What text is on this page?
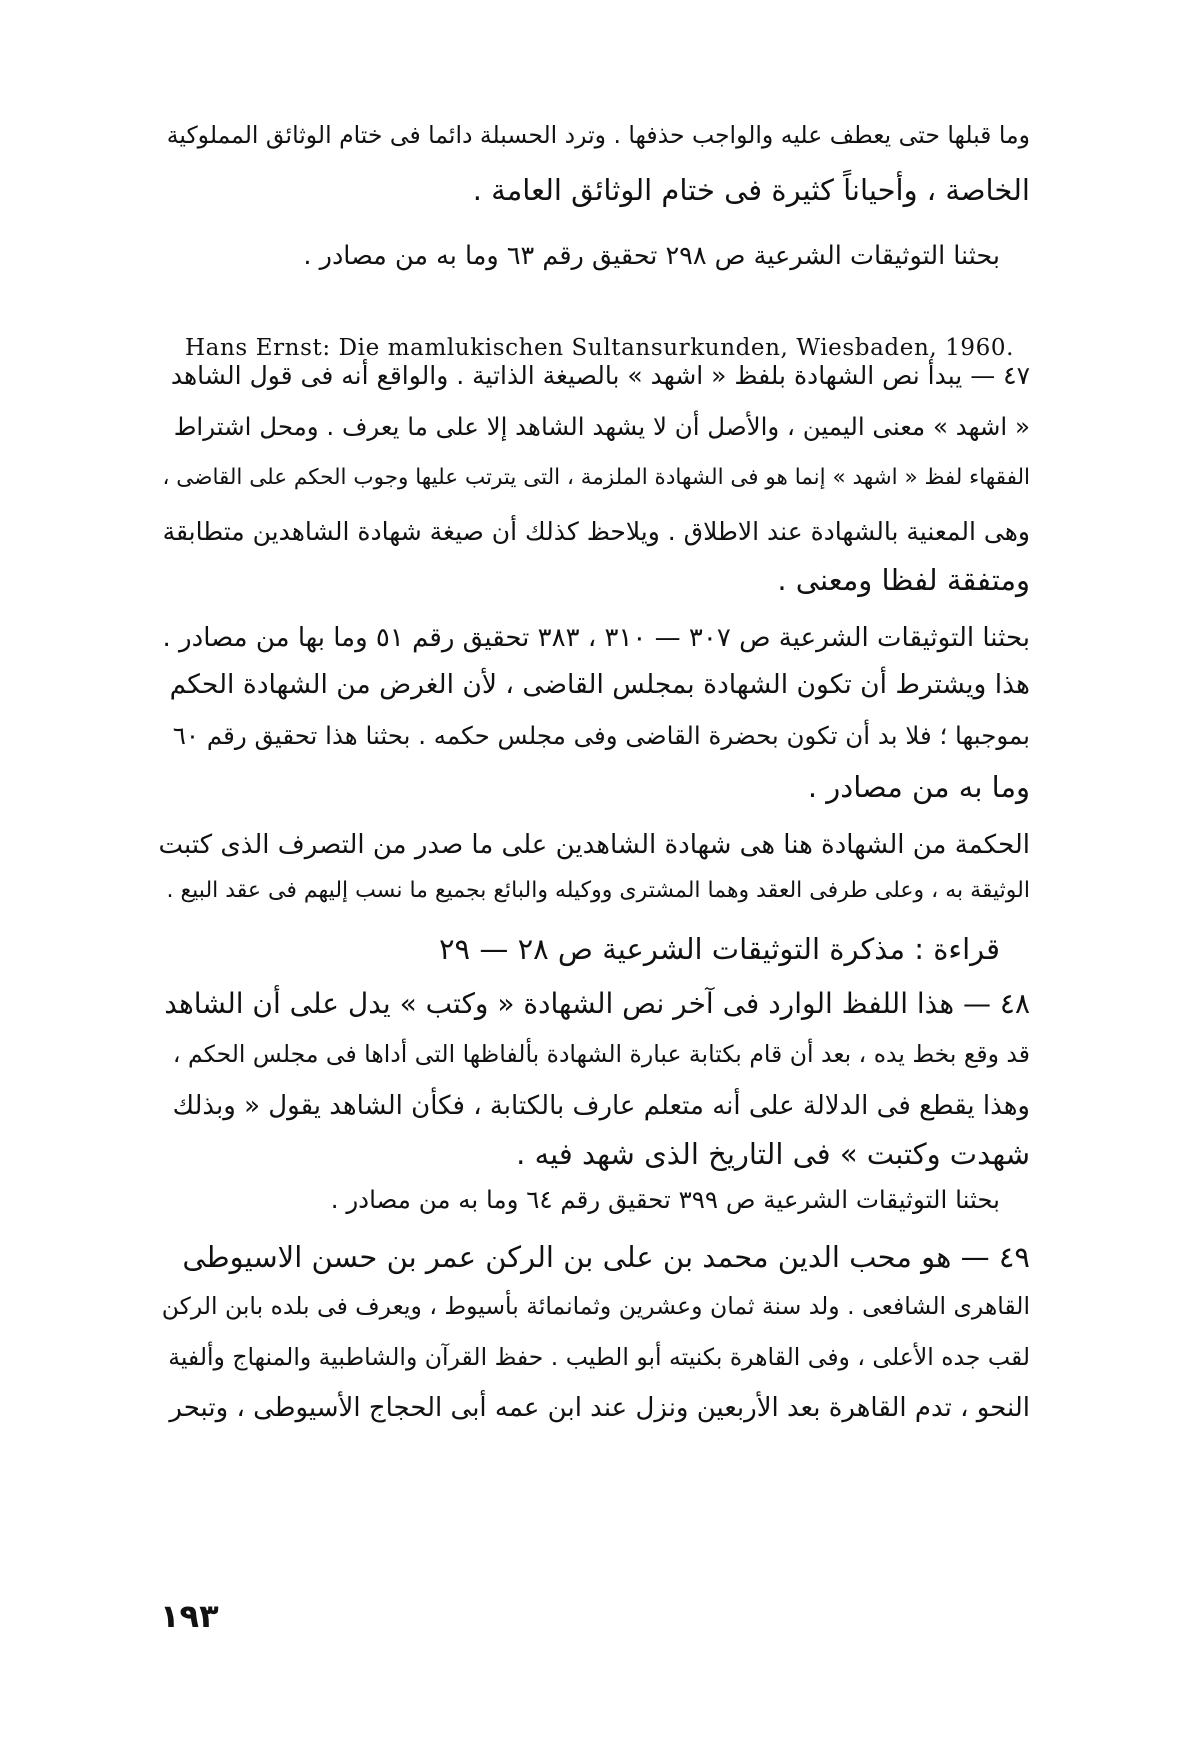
وما قبلها حتى يعطف عليه والواجب حذفها . وترد الحسبلة دائما فى ختام الوثائق المملوكية
الخاصة ، وأحياناً كثيرة فى ختام الوثائق العامة .
بحثنا التوثيقات الشرعية ص ٢٩٨ تحقيق رقم ٦٣ وما به من مصادر .
Hans Ernst: Die mamlukischen Sultansurkunden, Wiesbaden, 1960.
٤٧ — يبدأ نص الشهادة بلفظ « اشهد » بالصيغة الذاتية . والواقع أنه فى قول الشاهد
« اشهد » معنى اليمين ، والأصل أن لا يشهد الشاهد إلا على ما يعرف . ومحل اشتراط
الفقهاء لفظ « اشهد » إنما هو فى الشهادة الملزمة ، التى يترتب عليها وجوب الحكم على القاضى ،
وهى المعنية بالشهادة عند الاطلاق . ويلاحظ كذلك أن صيغة شهادة الشاهدين متطابقة
ومتفقة لفظا ومعنى .
بحثنا التوثيقات الشرعية ص ٣٠٧ — ٣١٠ ، ٣٨٣ تحقيق رقم ٥١ وما بها من مصادر .
هذا ويشترط أن تكون الشهادة بمجلس القاضى ، لأن الغرض من الشهادة الحكم
بموجبها ؛ فلا بد أن تكون بحضرة القاضى وفى مجلس حكمه . بحثنا هذا تحقيق رقم ٦٠
وما به من مصادر .
الحكمة من الشهادة هنا هى شهادة الشاهدين على ما صدر من التصرف الذى كتبت
الوثيقة به ، وعلى طرفى العقد وهما المشترى ووكيله والبائع بجميع ما نسب إليهم فى عقد البيع .
قراءة : مذكرة التوثيقات الشرعية ص ٢٨ — ٢٩
٤٨ — هذا اللفظ الوارد فى آخر نص الشهادة « وكتب » يدل على أن الشاهد
قد وقع بخط يده ، بعد أن قام بكتابة عبارة الشهادة بألفاظها التى أداها فى مجلس الحكم ،
وهذا يقطع فى الدلالة على أنه متعلم عارف بالكتابة ، فكأن الشاهد يقول « وبذلك
شهدت وكتبت » فى التاريخ الذى شهد فيه .
بحثنا التوثيقات الشرعية ص ٣٩٩ تحقيق رقم ٦٤ وما به من مصادر .
٤٩ — هو محب الدين محمد بن على بن الركن عمر بن حسن الاسيوطى
القاهرى الشافعى . ولد سنة ثمان وعشرين وثمانمائة بأسيوط ، ويعرف فى بلده بابن الركن
لقب جده الأعلى ، وفى القاهرة بكنيته أبو الطيب . حفظ القرآن والشاطبية والمنهاج وألفية
النحو ، تدم القاهرة بعد الأربعين ونزل عند ابن عمه أبى الحجاج الأسيوطى ، وتبحر
١٩٣
